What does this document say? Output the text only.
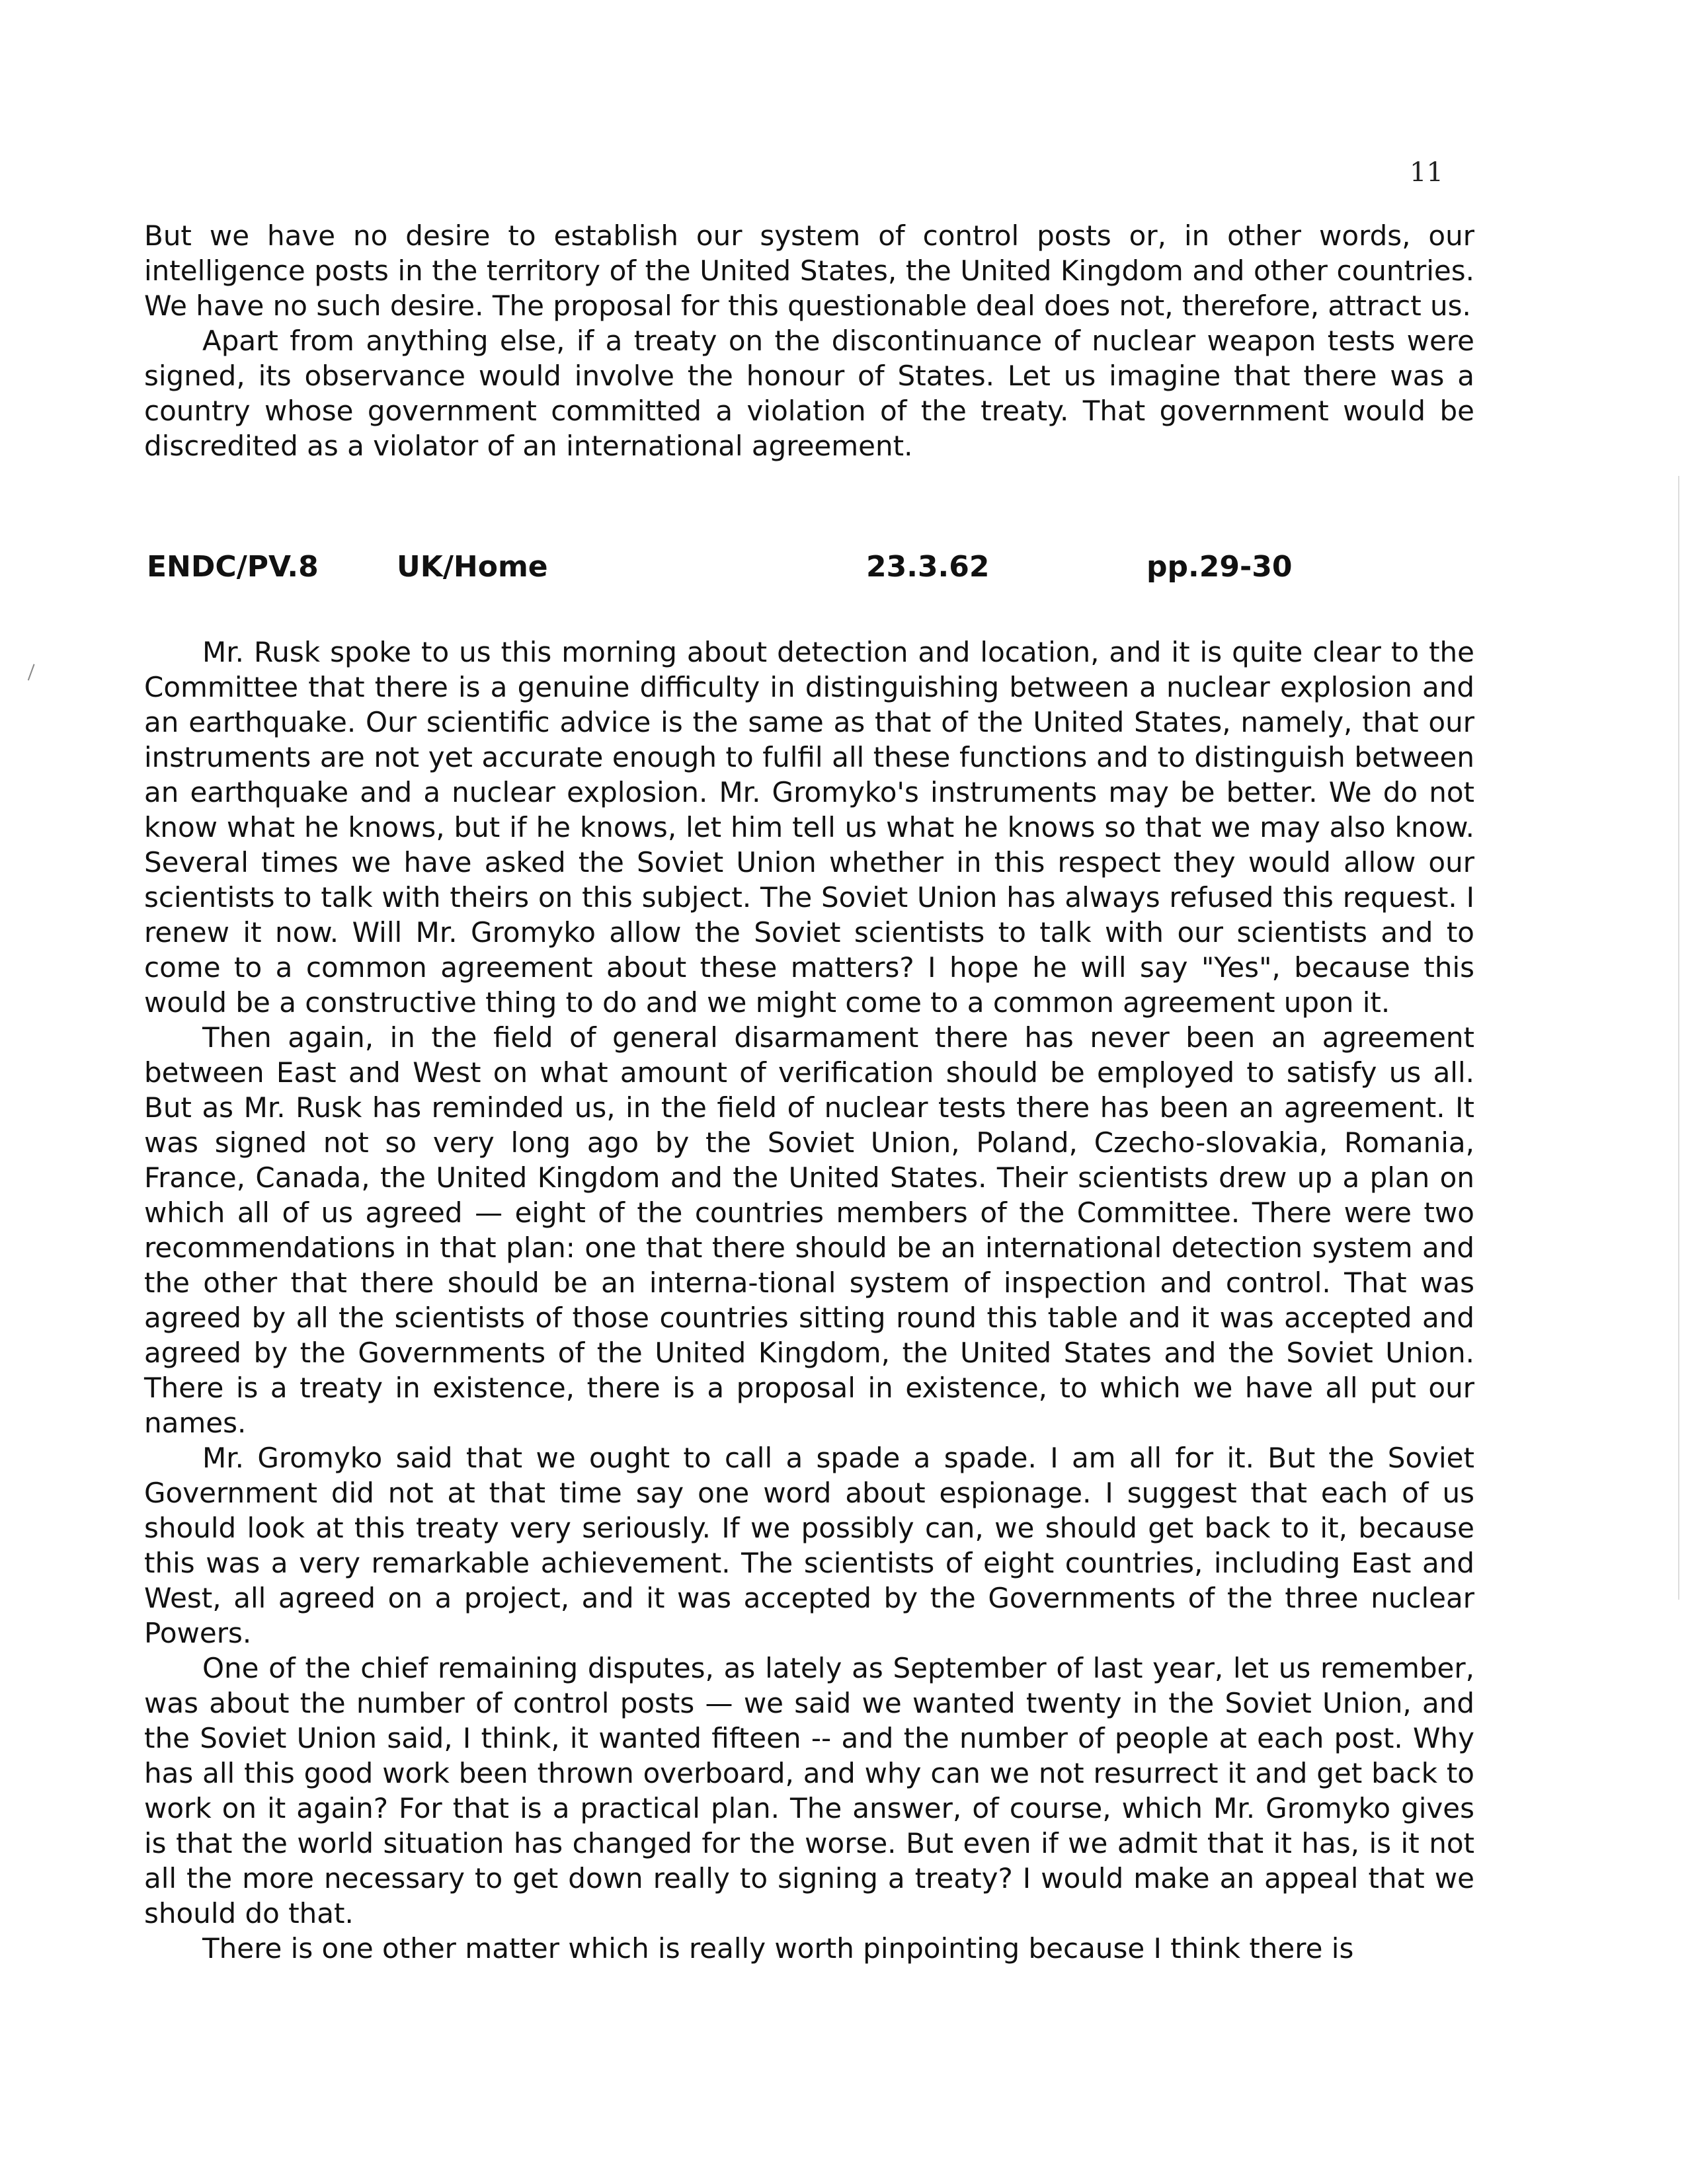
11

But we have no desire to establish our system of control posts or, in other words, our intelligence posts in the territory of the United States, the United Kingdom and other countries. We have no such desire. The proposal for this questionable deal does not, therefore, attract us.

Apart from anything else, if a treaty on the discontinuance of nuclear weapon tests were signed, its observance would involve the honour of States. Let us imagine that there was a country whose government committed a violation of the treaty. That government would be discredited as a violator of an international agreement.

ENDC/PV.8	UK/Home	23.3.62	pp.29-30

Mr. Rusk spoke to us this morning about detection and location, and it is quite clear to the Committee that there is a genuine difficulty in distinguishing between a nuclear explosion and an earthquake. Our scientific advice is the same as that of the United States, namely, that our instruments are not yet accurate enough to fulfil all these functions and to distinguish between an earthquake and a nuclear explosion. Mr. Gromyko's instruments may be better. We do not know what he knows, but if he knows, let him tell us what he knows so that we may also know. Several times we have asked the Soviet Union whether in this respect they would allow our scientists to talk with theirs on this subject. The Soviet Union has always refused this request. I renew it now. Will Mr. Gromyko allow the Soviet scientists to talk with our scientists and to come to a common agreement about these matters? I hope he will say "Yes", because this would be a constructive thing to do and we might come to a common agreement upon it.

Then again, in the field of general disarmament there has never been an agreement between East and West on what amount of verification should be employed to satisfy us all. But as Mr. Rusk has reminded us, in the field of nuclear tests there has been an agreement. It was signed not so very long ago by the Soviet Union, Poland, Czecho-slovakia, Romania, France, Canada, the United Kingdom and the United States. Their scientists drew up a plan on which all of us agreed — eight of the countries members of the Committee. There were two recommendations in that plan: one that there should be an international detection system and the other that there should be an interna-tional system of inspection and control. That was agreed by all the scientists of those countries sitting round this table and it was accepted and agreed by the Governments of the United Kingdom, the United States and the Soviet Union. There is a treaty in existence, there is a proposal in existence, to which we have all put our names.

Mr. Gromyko said that we ought to call a spade a spade. I am all for it. But the Soviet Government did not at that time say one word about espionage. I suggest that each of us should look at this treaty very seriously. If we possibly can, we should get back to it, because this was a very remarkable achievement. The scientists of eight countries, including East and West, all agreed on a project, and it was accepted by the Governments of the three nuclear Powers.

One of the chief remaining disputes, as lately as September of last year, let us remember, was about the number of control posts — we said we wanted twenty in the Soviet Union, and the Soviet Union said, I think, it wanted fifteen -- and the number of people at each post. Why has all this good work been thrown overboard, and why can we not resurrect it and get back to work on it again? For that is a practical plan. The answer, of course, which Mr. Gromyko gives is that the world situation has changed for the worse. But even if we admit that it has, is it not all the more necessary to get down really to signing a treaty? I would make an appeal that we should do that.

There is one other matter which is really worth pinpointing because I think there is
